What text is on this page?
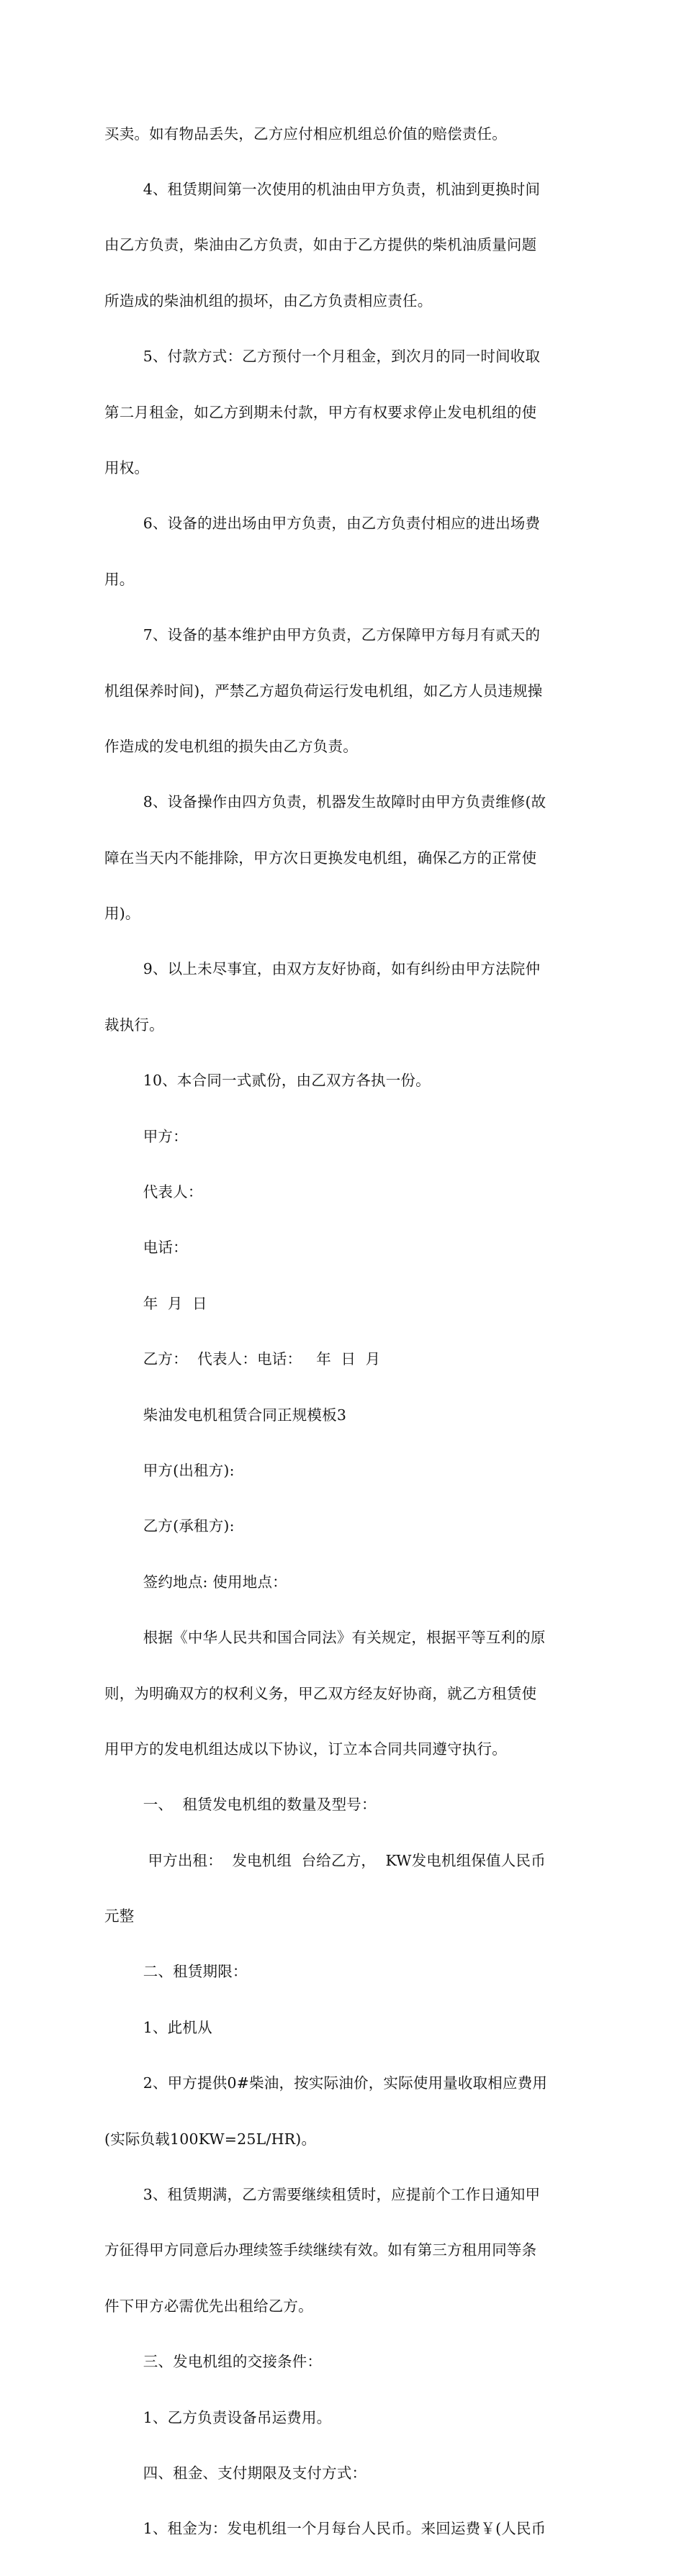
买卖。如有物品丢失，乙方应付相应机组总价值的赔偿责任。

4、租赁期间第一次使用的机油由甲方负责，机油到更换时间

由乙方负责，柴油由乙方负责，如由于乙方提供的柴机油质量问题

所造成的柴油机组的损坏，由乙方负责相应责任。

5、付款方式：乙方预付一个月租金，到次月的同一时间收取

第二月租金，如乙方到期未付款，甲方有权要求停止发电机组的使

用权。

6、设备的进出场由甲方负责，由乙方负责付相应的进出场费

用。

7、设备的基本维护由甲方负责，乙方保障甲方每月有贰天的

机组保养时间)，严禁乙方超负荷运行发电机组，如乙方人员违规操

作造成的发电机组的损失由乙方负责。

8、设备操作由四方负责，机器发生故障时由甲方负责维修(故

障在当天内不能排除，甲方次日更换发电机组，确保乙方的正常使

用)。

9、以上未尽事宜，由双方友好协商，如有纠纷由甲方法院仲

裁执行。

10、本合同一式贰份，由乙双方各执一份。

甲方：

代表人：

电话：

年  月  日

乙方：  代表人：电话：   年  日  月

柴油发电机租赁合同正规模板3

甲方(出租方):

乙方(承租方):

签约地点: 使用地点：

根据《中华人民共和国合同法》有关规定，根据平等互利的原

则，为明确双方的权利义务，甲乙双方经友好协商，就乙方租赁使

用甲方的发电机组达成以下协议，订立本合同共同遵守执行。

一、  租赁发电机组的数量及型号：

甲方出租：  发电机组  台给乙方，  KW发电机组保值人民币

元整

二、租赁期限：

1、此机从

2、甲方提供0#柴油，按实际油价，实际使用量收取相应费用

(实际负载100KW=25L/HR)。

3、租赁期满，乙方需要继续租赁时，应提前个工作日通知甲

方征得甲方同意后办理续签手续继续有效。如有第三方租用同等条

件下甲方必需优先出租给乙方。

三、发电机组的交接条件：

1、乙方负责设备吊运费用。

四、租金、支付期限及支付方式：

1、租金为：发电机组一个月每台人民币。来回运费￥(人民币
